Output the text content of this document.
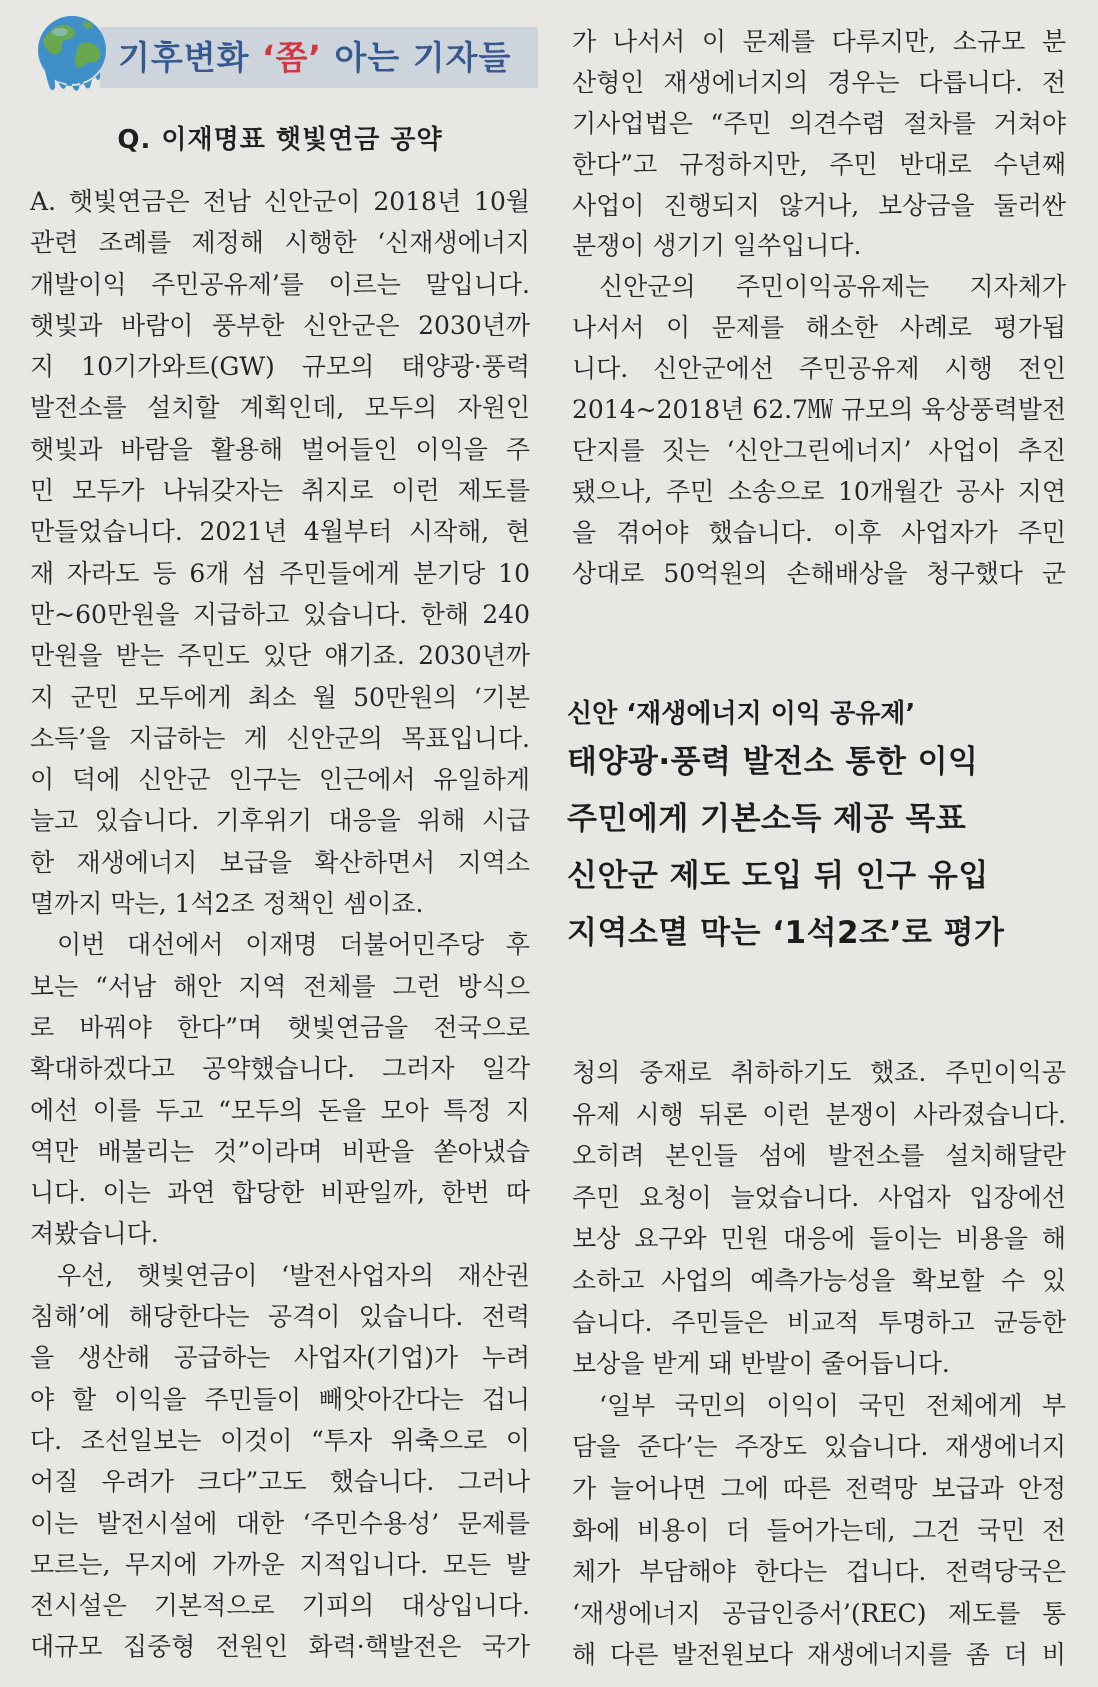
기후변화 ‘쫌’ 아는 기자들
Q. 이재명표 햇빛연금 공약
A. 햇빛연금은 전남 신안군이 2018년 10월
관련 조례를 제정해 시행한 ‘신재생에너지
개발이익 주민공유제’를 이르는 말입니다.
햇빛과 바람이 풍부한 신안군은 2030년까
지 10기가와트(GW) 규모의 태양광·풍력
발전소를 설치할 계획인데, 모두의 자원인
햇빛과 바람을 활용해 벌어들인 이익을 주
민 모두가 나눠갖자는 취지로 이런 제도를
만들었습니다. 2021년 4월부터 시작해, 현
재 자라도 등 6개 섬 주민들에게 분기당 10
만~60만원을 지급하고 있습니다. 한해 240
만원을 받는 주민도 있단 얘기죠. 2030년까
지 군민 모두에게 최소 월 50만원의 ‘기본
소득’을 지급하는 게 신안군의 목표입니다.
이 덕에 신안군 인구는 인근에서 유일하게
늘고 있습니다. 기후위기 대응을 위해 시급
한 재생에너지 보급을 확산하면서 지역소
멸까지 막는, 1석2조 정책인 셈이죠.
이번 대선에서 이재명 더불어민주당 후
보는 “서남 해안 지역 전체를 그런 방식으
로 바꿔야 한다”며 햇빛연금을 전국으로
확대하겠다고 공약했습니다. 그러자 일각
에선 이를 두고 “모두의 돈을 모아 특정 지
역만 배불리는 것”이라며 비판을 쏟아냈습
니다. 이는 과연 합당한 비판일까, 한번 따
져봤습니다.
우선, 햇빛연금이 ‘발전사업자의 재산권
침해’에 해당한다는 공격이 있습니다. 전력
을 생산해 공급하는 사업자(기업)가 누려
야 할 이익을 주민들이 빼앗아간다는 겁니
다. 조선일보는 이것이 “투자 위축으로 이
어질 우려가 크다”고도 했습니다. 그러나
이는 발전시설에 대한 ‘주민수용성’ 문제를
모르는, 무지에 가까운 지적입니다. 모든 발
전시설은 기본적으로 기피의 대상입니다.
대규모 집중형 전원인 화력·핵발전은 국가
가 나서서 이 문제를 다루지만, 소규모 분
산형인 재생에너지의 경우는 다릅니다. 전
기사업법은 “주민 의견수렴 절차를 거쳐야
한다”고 규정하지만, 주민 반대로 수년째
사업이 진행되지 않거나, 보상금을 둘러싼
분쟁이 생기기 일쑤입니다.
신안군의 주민이익공유제는 지자체가
나서서 이 문제를 해소한 사례로 평가됩
니다. 신안군에선 주민공유제 시행 전인
2014~2018년 62.7㎿ 규모의 육상풍력발전
단지를 짓는 ‘신안그린에너지’ 사업이 추진
됐으나, 주민 소송으로 10개월간 공사 지연
을 겪어야 했습니다. 이후 사업자가 주민
상대로 50억원의 손해배상을 청구했다 군
신안 ‘재생에너지 이익 공유제’
태양광·풍력 발전소 통한 이익
주민에게 기본소득 제공 목표
신안군 제도 도입 뒤 인구 유입
지역소멸 막는 ‘1석2조’로 평가
청의 중재로 취하하기도 했죠. 주민이익공
유제 시행 뒤론 이런 분쟁이 사라졌습니다.
오히려 본인들 섬에 발전소를 설치해달란
주민 요청이 늘었습니다. 사업자 입장에선
보상 요구와 민원 대응에 들이는 비용을 해
소하고 사업의 예측가능성을 확보할 수 있
습니다. 주민들은 비교적 투명하고 균등한
보상을 받게 돼 반발이 줄어듭니다.
‘일부 국민의 이익이 국민 전체에게 부
담을 준다’는 주장도 있습니다. 재생에너지
가 늘어나면 그에 따른 전력망 보급과 안정
화에 비용이 더 들어가는데, 그건 국민 전
체가 부담해야 한다는 겁니다. 전력당국은
‘재생에너지 공급인증서’(REC) 제도를 통
해 다른 발전원보다 재생에너지를 좀 더 비
